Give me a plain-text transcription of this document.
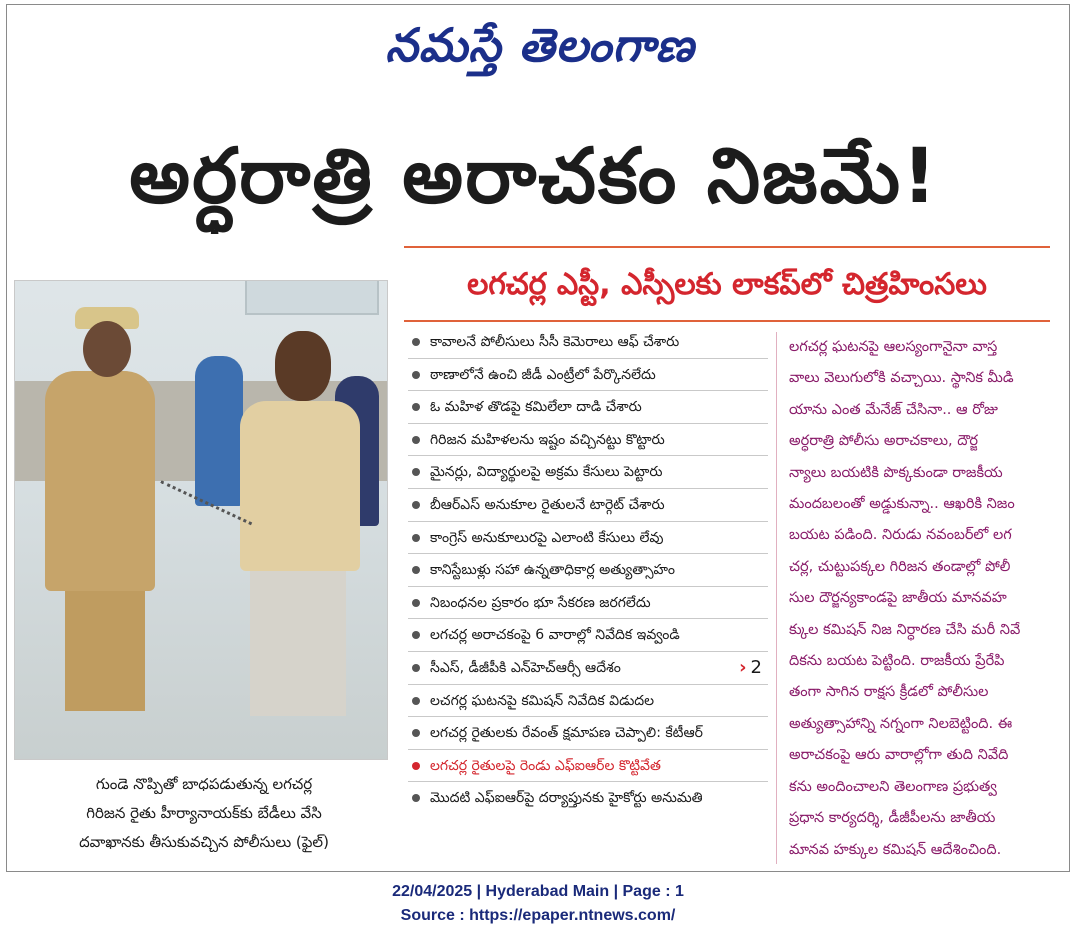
నమస్తే తెలంగాణ
అర్ధరాత్రి అరాచకం నిజమే!
లగచర్ల ఎస్టీ, ఎస్సీలకు లాకప్‌లో చిత్రహింసలు
గుండె నొప్పితో బాధపడుతున్న లగచర్ల
గిరిజన రైతు హీర్యానాయక్‌కు బేడీలు వేసి
దవాఖానకు తీసుకువచ్చిన పోలీసులు (ఫైల్)
కావాలనే పోలీసులు సీసీ కెమెరాలు ఆఫ్ చేశారు
ఠాణాలోనే ఉంచి జీడీ ఎంట్రీలో పేర్కొనలేదు
ఓ మహిళ తొడపై కమిలేలా దాడి చేశారు
గిరిజన మహిళలను ఇష్టం వచ్చినట్టు కొట్టారు
మైనర్లు, విద్యార్థులపై అక్రమ కేసులు పెట్టారు
బీఆర్‌ఎస్ అనుకూల రైతులనే టార్గెట్ చేశారు
కాంగ్రెస్ అనుకూలురపై ఎలాంటి కేసులు లేవు
కానిస్టేబుళ్లు సహా ఉన్నతాధికార్ల అత్యుత్సాహం
నిబంధనల ప్రకారం భూ సేకరణ జరగలేదు
లగచర్ల అరాచకంపై 6 వారాల్లో నివేదిక ఇవ్వండి
సీఎస్, డీజీపీకి ఎన్‌హెచ్‌ఆర్సీ ఆదేశం	› 2
లచగర్ల ఘటనపై కమిషన్ నివేదిక విడుదల
లగచర్ల రైతులకు రేవంత్ క్షమాపణ చెప్పాలి: కేటీఆర్
లగచర్ల రైతులపై రెండు ఎఫ్‌ఐఆర్‌ల కొట్టివేత
మొదటి ఎఫ్‌ఐఆర్‌పై దర్యాప్తునకు హైకోర్టు అనుమతి
లగచర్ల ఘటనపై ఆలస్యంగానైనా వాస్త
వాలు వెలుగులోకి వచ్చాయి. స్థానిక మీడి
యాను ఎంత మేనేజ్ చేసినా.. ఆ రోజు
అర్ధరాత్రి పోలీసు అరాచకాలు, దౌర్జ
న్యాలు బయటికి పొక్కకుండా రాజకీయ
మందబలంతో అడ్డుకున్నా.. ఆఖరికి నిజం
బయట పడింది. నిరుడు నవంబర్‌లో లగ
చర్ల, చుట్టుపక్కల గిరిజన తండాల్లో పోలీ
సుల దౌర్జన్యకాండపై జాతీయ మానవహ
క్కుల కమిషన్ నిజ నిర్ధారణ చేసి మరీ నివే
దికను బయట పెట్టింది. రాజకీయ ప్రేరేపి
తంగా సాగిన రాక్షస క్రీడలో పోలీసుల
అత్యుత్సాహాన్ని నగ్నంగా నిలబెట్టింది. ఈ
అరాచకంపై ఆరు వారాల్లోగా తుది నివేది
కను అందించాలని తెలంగాణ ప్రభుత్వ
ప్రధాన కార్యదర్శి, డీజీపీలను జాతీయ
మానవ హక్కుల కమిషన్ ఆదేశించింది.
22/04/2025 | Hyderabad Main | Page : 1
Source : https://epaper.ntnews.com/
